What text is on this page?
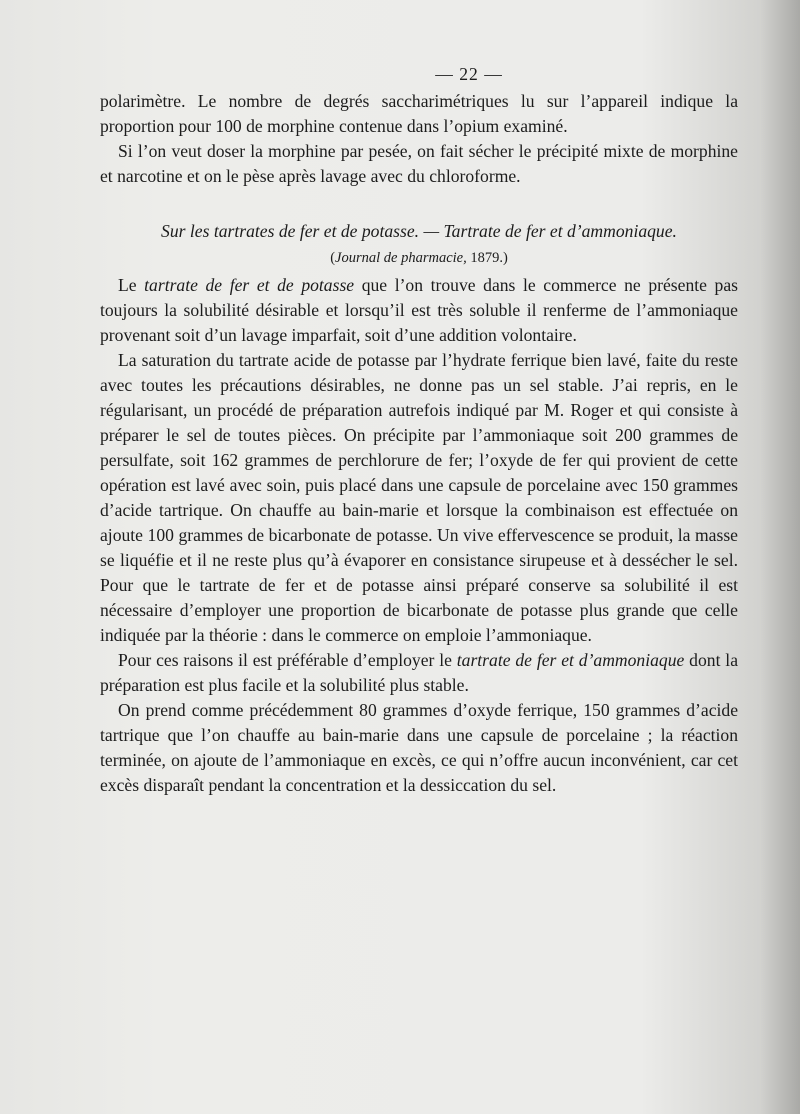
— 22 —

polarimètre. Le nombre de degrés saccharimétriques lu sur l’appareil indique la proportion pour 100 de morphine contenue dans l’opium examiné.

Si l’on veut doser la morphine par pesée, on fait sécher le précipité mixte de morphine et narcotine et on le pèse après lavage avec du chloroforme.

Sur les tartrates de fer et de potasse. — Tartrate de fer et d’ammoniaque.

(Journal de pharmacie, 1879.)

Le tartrate de fer et de potasse que l’on trouve dans le commerce ne présente pas toujours la solubilité désirable et lorsqu’il est très soluble il renferme de l’ammoniaque provenant soit d’un lavage imparfait, soit d’une addition volontaire.

La saturation du tartrate acide de potasse par l’hydrate ferrique bien lavé, faite du reste avec toutes les précautions désirables, ne donne pas un sel stable. J’ai repris, en le régularisant, un procédé de préparation autrefois indiqué par M. Roger et qui consiste à préparer le sel de toutes pièces. On précipite par l’ammoniaque soit 200 grammes de persulfate, soit 162 grammes de perchlorure de fer; l’oxyde de fer qui provient de cette opération est lavé avec soin, puis placé dans une capsule de porcelaine avec 150 grammes d’acide tartrique. On chauffe au bain-marie et lorsque la combinaison est effectuée on ajoute 100 grammes de bicarbonate de potasse. Un vive effervescence se produit, la masse se liquéfie et il ne reste plus qu’à évaporer en consistance sirupeuse et à dessécher le sel. Pour que le tartrate de fer et de potasse ainsi préparé conserve sa solubilité il est nécessaire d’employer une proportion de bicarbonate de potasse plus grande que celle indiquée par la théorie : dans le commerce on emploie l’ammoniaque.

Pour ces raisons il est préférable d’employer le tartrate de fer et d’ammoniaque dont la préparation est plus facile et la solubilité plus stable.

On prend comme précédemment 80 grammes d’oxyde ferrique, 150 grammes d’acide tartrique que l’on chauffe au bain-marie dans une capsule de porcelaine ; la réaction terminée, on ajoute de l’ammoniaque en excès, ce qui n’offre aucun inconvénient, car cet excès disparaît pendant la concentration et la dessiccation du sel.
